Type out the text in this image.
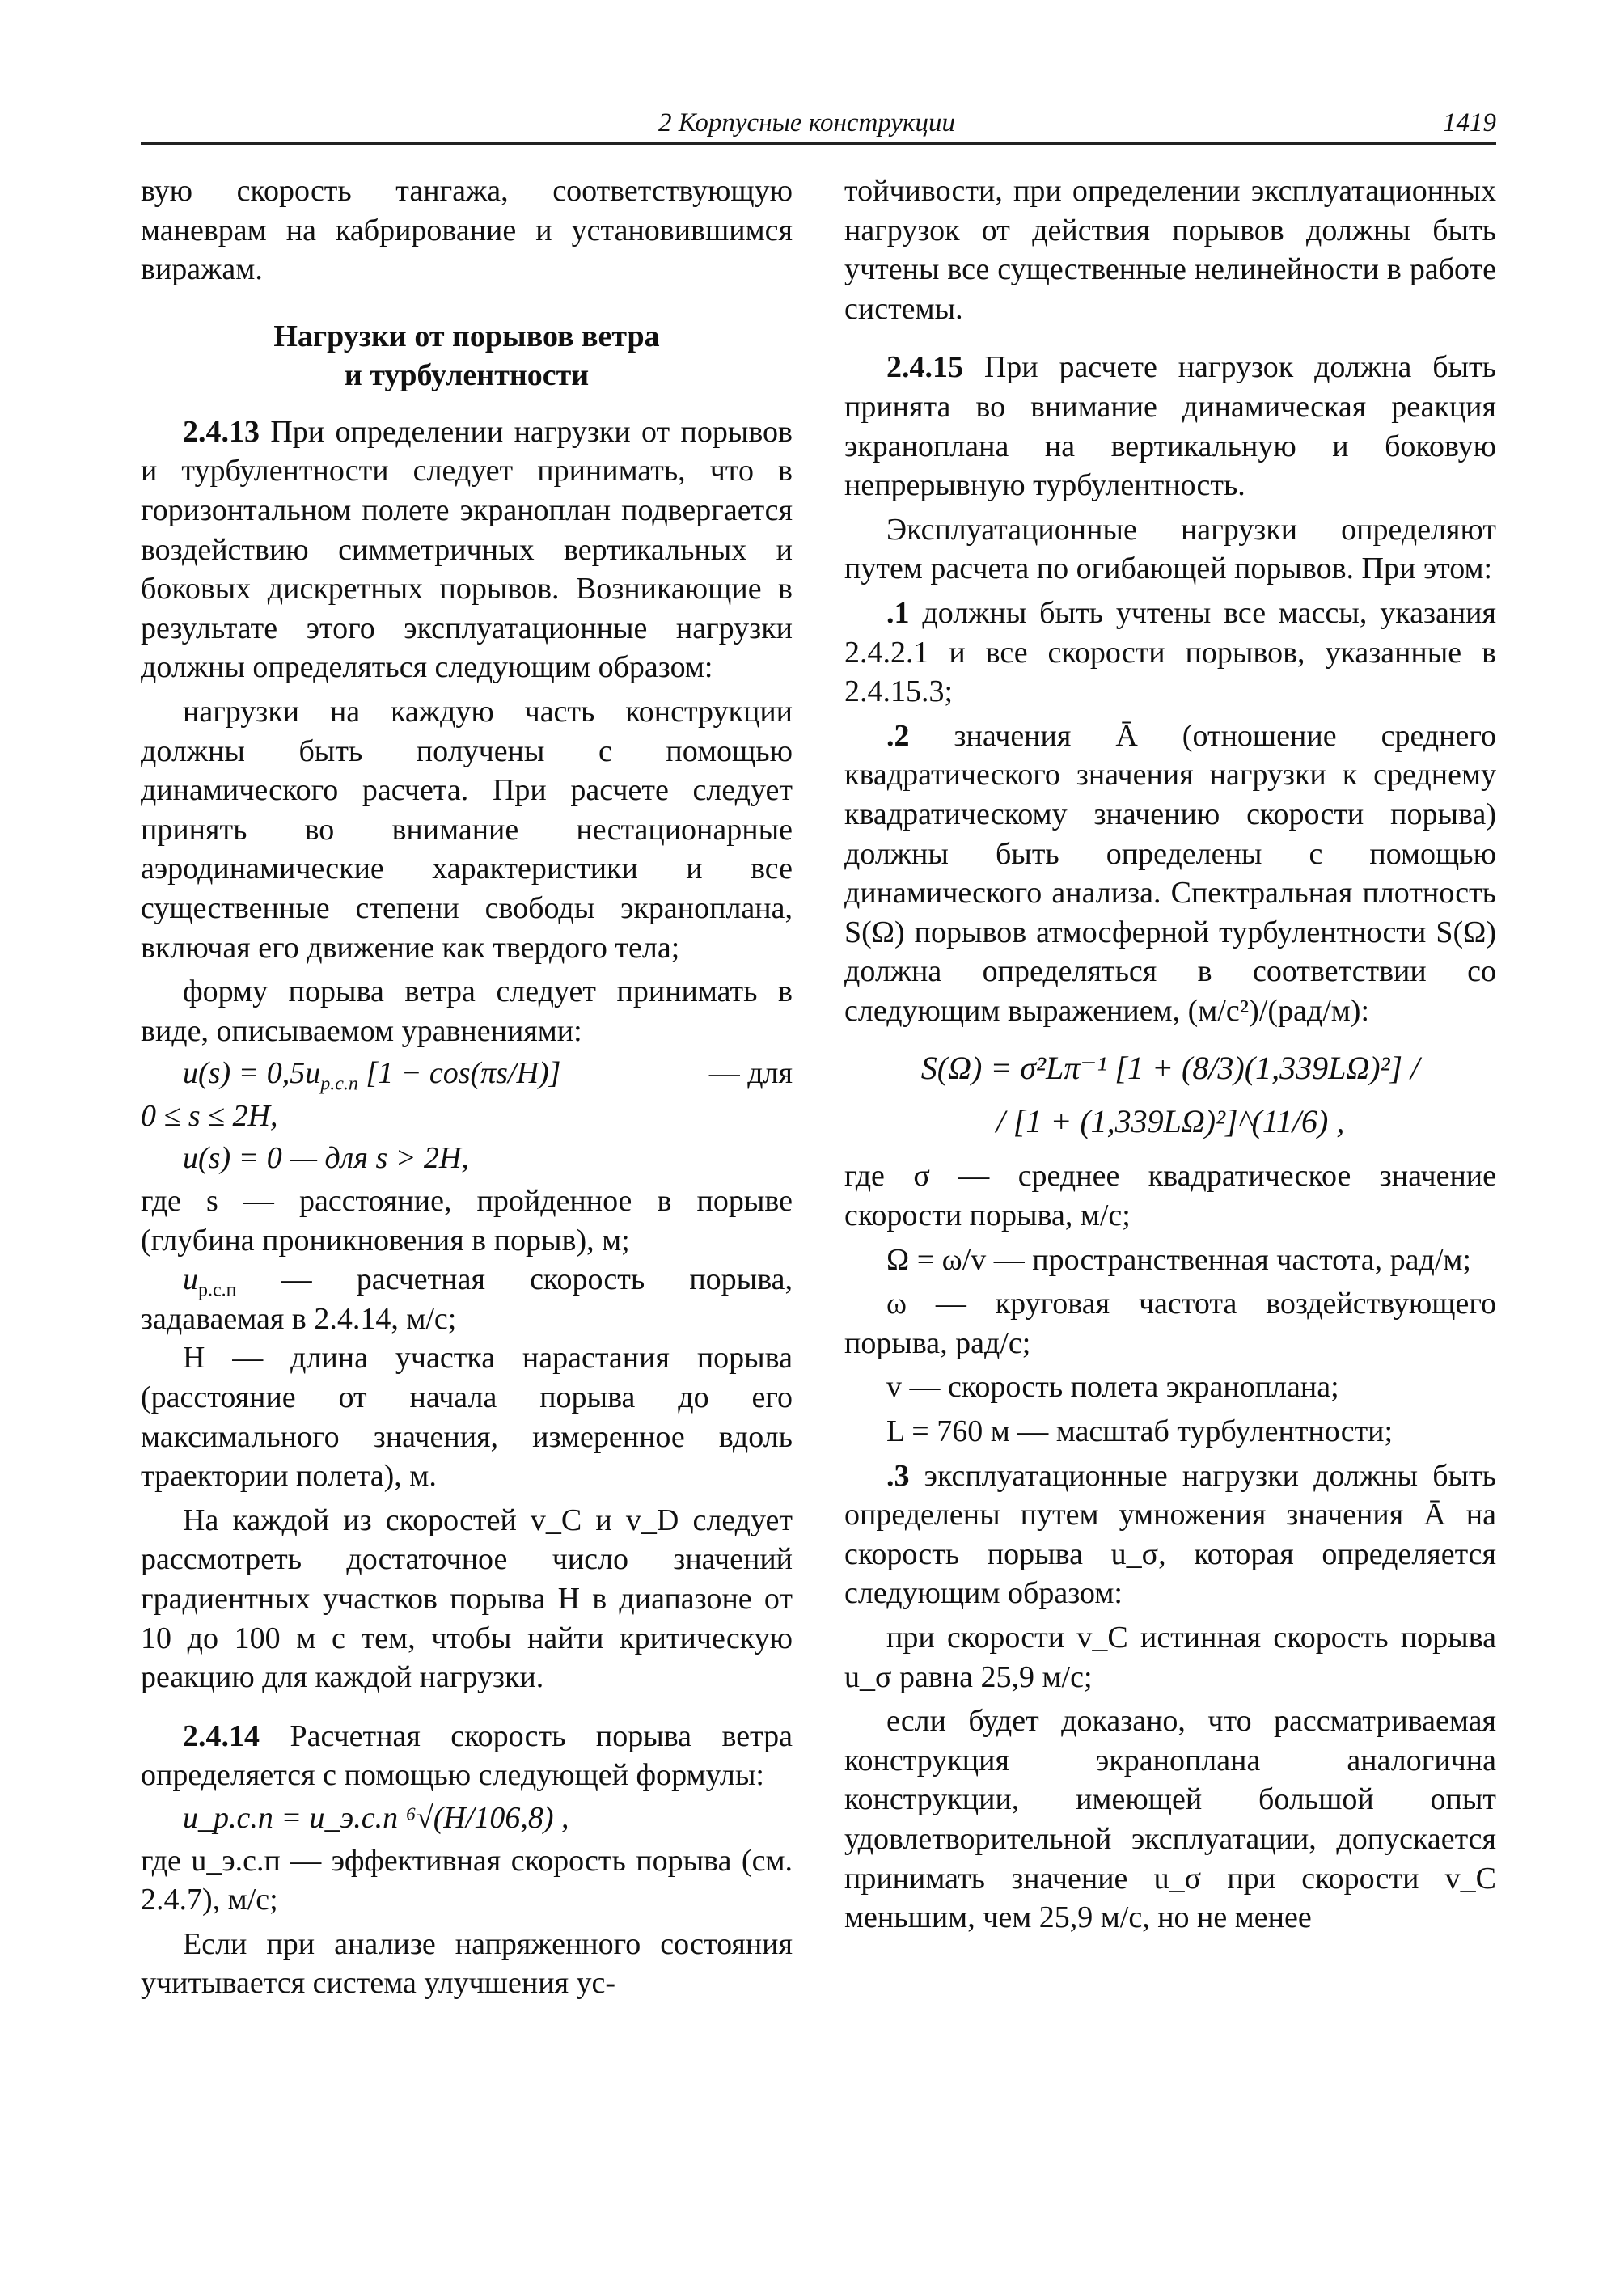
2 Корпусные конструкции	1419

вую скорость тангажа, соответствующую маневрам на кабрирование и установившимся виражам.

Нагрузки от порывов ветра
и турбулентности

2.4.13 При определении нагрузки от порывов и турбулентности следует принимать, что в горизонтальном полете экраноплан подвергается воздействию симметричных вертикальных и боковых дискретных порывов. Возникающие в результате этого эксплуатационные нагрузки должны определяться следующим образом:

нагрузки на каждую часть конструкции должны быть получены с помощью динамического расчета. При расчете следует принять во внимание нестационарные аэродинамические характеристики и все существенные степени свободы экраноплана, включая его движение как твердого тела;

форму порыва ветра следует принимать в виде, описываемом уравнениями:

$u(s) = 0,5u_{р.с.п}$ [1 − cos(πs/H)]	— для

0 ≤ s ≤ 2H,

u(s) = 0 — для s > 2H,

где s — расстояние, пройденное в порыве (глубина проникновения в порыв), м;

$u_{р.с.п}$ — расчетная скорость порыва, задаваемая в 2.4.14, м/с;

H — длина участка нарастания порыва (расстояние от начала порыва до его максимального значения, измеренное вдоль траектории полета), м.

На каждой из скоростей v_C и v_D следует рассмотреть достаточное число значений градиентных участков порыва H в диапазоне от 10 до 100 м с тем, чтобы найти критическую реакцию для каждой нагрузки.

2.4.14 Расчетная скорость порыва ветра определяется с помощью следующей формулы:

u_р.с.п = u_э.с.п ⁶√(H/106,8) ,

где u_э.с.п — эффективная скорость порыва (см. 2.4.7), м/с;

Если при анализе напряженного состояния учитывается система улучшения ус-

тойчивости, при определении эксплуатационных нагрузок от действия порывов должны быть учтены все существенные нелинейности в работе системы.

2.4.15 При расчете нагрузок должна быть принята во внимание динамическая реакция экраноплана на вертикальную и боковую непрерывную турбулентность.

Эксплуатационные нагрузки определяют путем расчета по огибающей порывов. При этом:

.1 должны быть учтены все массы, указания 2.4.2.1 и все скорости порывов, указанные в 2.4.15.3;

.2 значения Ā (отношение среднего квадратического значения нагрузки к среднему квадратическому значению скорости порыва) должны быть определены с помощью динамического анализа. Спектральная плотность S(Ω) порывов атмосферной турбулентности S(Ω) должна определяться в соответствии со следующим выражением, (м/с²)/(рад/м):

S(Ω) = σ²Lπ⁻¹ [1 + (8/3)(1,339LΩ)²] /
/ [1 + (1,339LΩ)²]^(11/6) ,

где σ — среднее квадратическое значение скорости порыва, м/с;

Ω = ω/v — пространственная частота, рад/м;

ω — круговая частота воздействующего порыва, рад/с;

v — скорость полета экраноплана;

L = 760 м — масштаб турбулентности;

.3 эксплуатационные нагрузки должны быть определены путем умножения значения Ā на скорость порыва u_σ, которая определяется следующим образом:

при скорости v_C истинная скорость порыва u_σ равна 25,9 м/с;

если будет доказано, что рассматриваемая конструкция экраноплана аналогична конструкции, имеющей большой опыт удовлетворительной эксплуатации, допускается принимать значение u_σ при скорости v_C меньшим, чем 25,9 м/с, но не менее
